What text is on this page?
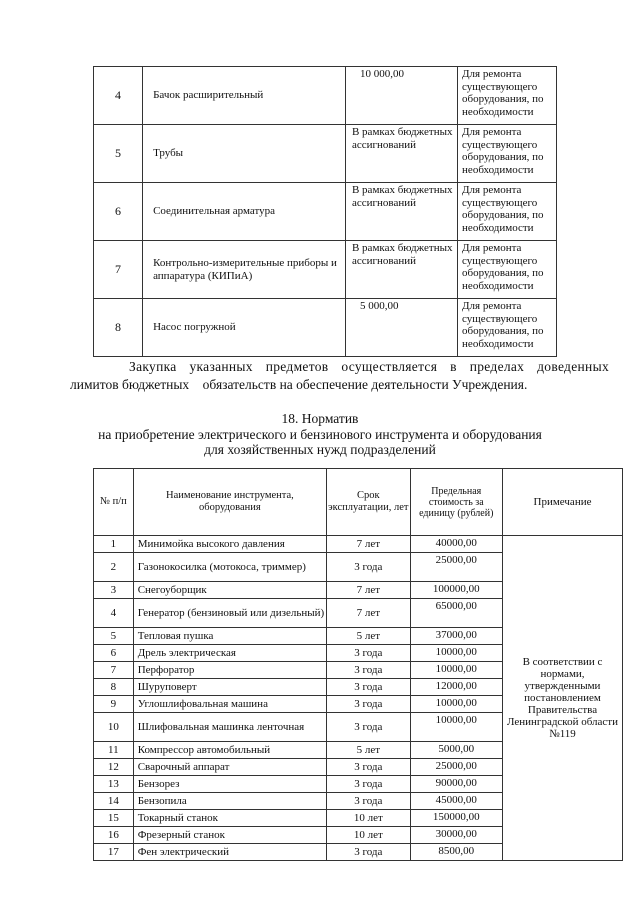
4	Бачок расширительный	10 000,00	Для ремонта существующего оборудования, по необходимости
5	Трубы	В рамках бюджетных ассигнований	Для ремонта существующего оборудования, по необходимости
6	Соединительная арматура	В рамках бюджетных ассигнований	Для ремонта существующего оборудования, по необходимости
7	Контрольно-измерительные приборы и аппаратура (КИПиА)	В рамках бюджетных ассигнований	Для ремонта существующего оборудования, по необходимости
8	Насос погружной	5 000,00	Для ремонта существующего оборудования, по необходимости
Закупка указанных предметов осуществляется в пределах доведенных
лимитов бюджетных    обязательств на обеспечение деятельности Учреждения.
18. Норматив
на приобретение электрического и бензинового инструмента и оборудования
для хозяйственных нужд подразделений
№ п/п	Наименование инструмента, оборудования	Срок эксплуатации, лет	Предельная стоимость за единицу (рублей)	Примечание
1	Минимойка высокого давления	7 лет	40000,00	В соответствии с нормами, утвержденными постановлением Правительства Ленинградской области №119
2	Газонокосилка (мотокоса, триммер)	3 года	25000,00	
3	Снегоуборщик	7 лет	100000,00	
4	Генератор (бензиновый или дизельный)	7 лет	65000,00	
5	Тепловая пушка	5 лет	37000,00	
6	Дрель электрическая	3 года	10000,00	
7	Перфоратор	3 года	10000,00	
8	Шуруповерт	3 года	12000,00	
9	Углошлифовальная машина	3 года	10000,00	
10	Шлифовальная машинка ленточная	3 года	10000,00	
11	Компрессор автомобильный	5 лет	5000,00	
12	Сварочный аппарат	3 года	25000,00	
13	Бензорез	3 года	90000,00	
14	Бензопила	3 года	45000,00	
15	Токарный станок	10 лет	150000,00	
16	Фрезерный станок	10 лет	30000,00	
17	Фен электрический	3 года	8500,00	
